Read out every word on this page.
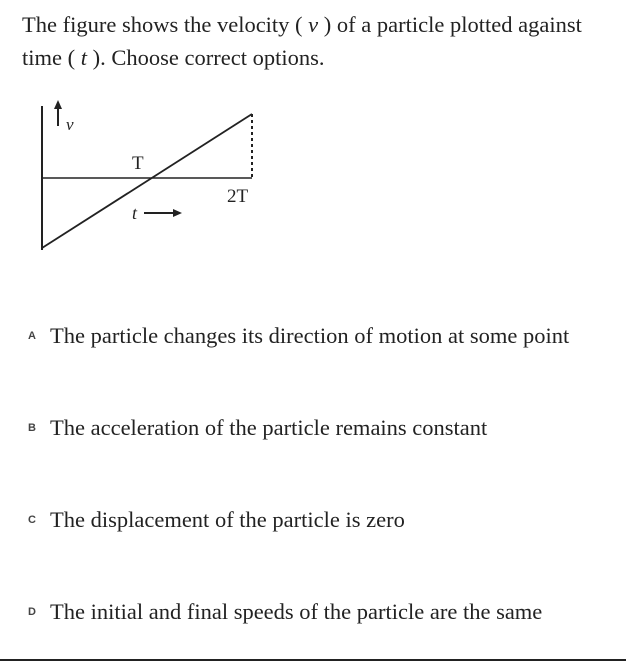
The figure shows the velocity ( v ) of a particle plotted against time ( t ). Choose correct options.

v
T
2T
t
A The particle changes its direction of motion at some point
B The acceleration of the particle remains constant
C The displacement of the particle is zero
D The initial and final speeds of the particle are the same
